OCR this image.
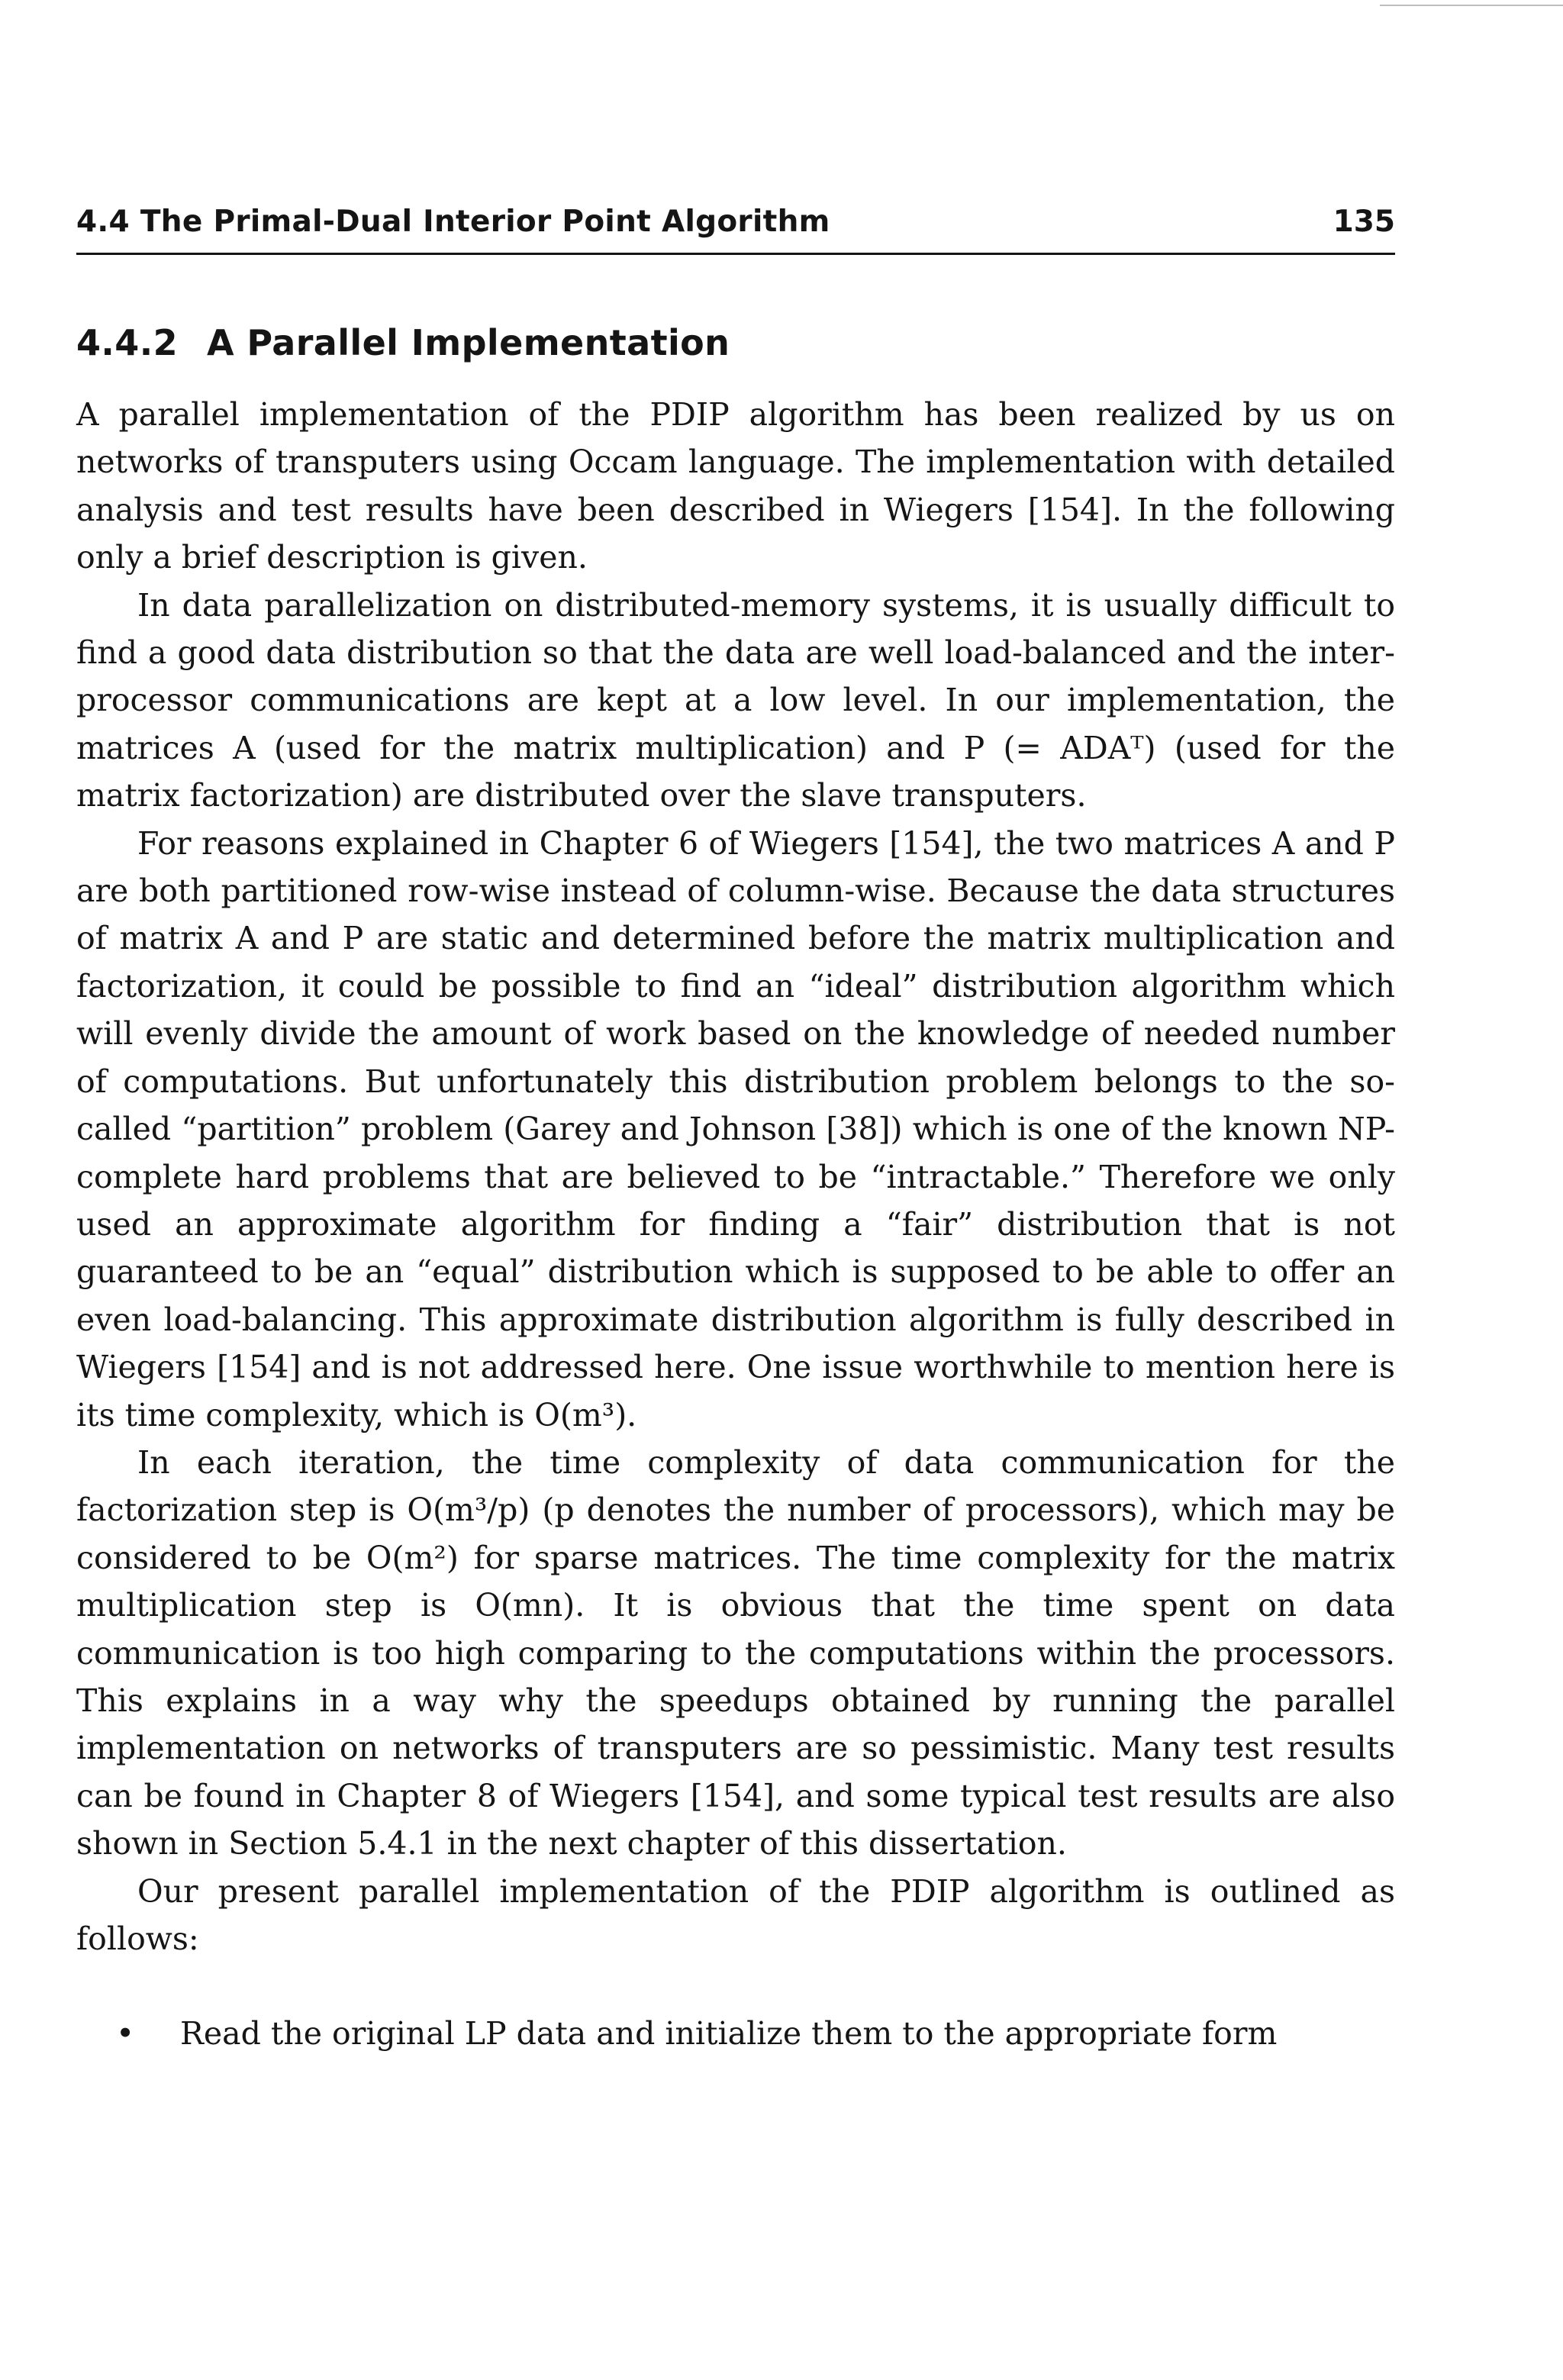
4.4 The Primal-Dual Interior Point Algorithm	135
4.4.2 A Parallel Implementation

A parallel implementation of the PDIP algorithm has been realized by us on networks of transputers using Occam language. The implementation with detailed analysis and test results have been described in Wiegers [154]. In the following only a brief description is given.

In data parallelization on distributed-memory systems, it is usually difficult to find a good data distribution so that the data are well load-balanced and the inter-processor communications are kept at a low level. In our implementation, the matrices A (used for the matrix multiplication) and P (= ADAᵀ) (used for the matrix factorization) are distributed over the slave transputers.

For reasons explained in Chapter 6 of Wiegers [154], the two matrices A and P are both partitioned row-wise instead of column-wise. Because the data structures of matrix A and P are static and determined before the matrix multiplication and factorization, it could be possible to find an “ideal” distribution algorithm which will evenly divide the amount of work based on the knowledge of needed number of computations. But unfortunately this distribution problem belongs to the so-called “partition” problem (Garey and Johnson [38]) which is one of the known NP-complete hard problems that are believed to be “intractable.” Therefore we only used an approximate algorithm for finding a “fair” distribution that is not guaranteed to be an “equal” distribution which is supposed to be able to offer an even load-balancing. This approximate distribution algorithm is fully described in Wiegers [154] and is not addressed here. One issue worthwhile to mention here is its time complexity, which is O(m³).

In each iteration, the time complexity of data communication for the factorization step is O(m³/p) (p denotes the number of processors), which may be considered to be O(m²) for sparse matrices. The time complexity for the matrix multiplication step is O(mn). It is obvious that the time spent on data communication is too high comparing to the computations within the processors. This explains in a way why the speedups obtained by running the parallel implementation on networks of transputers are so pessimistic. Many test results can be found in Chapter 8 of Wiegers [154], and some typical test results are also shown in Section 5.4.1 in the next chapter of this dissertation.

Our present parallel implementation of the PDIP algorithm is outlined as follows:

• Read the original LP data and initialize them to the appropriate form
